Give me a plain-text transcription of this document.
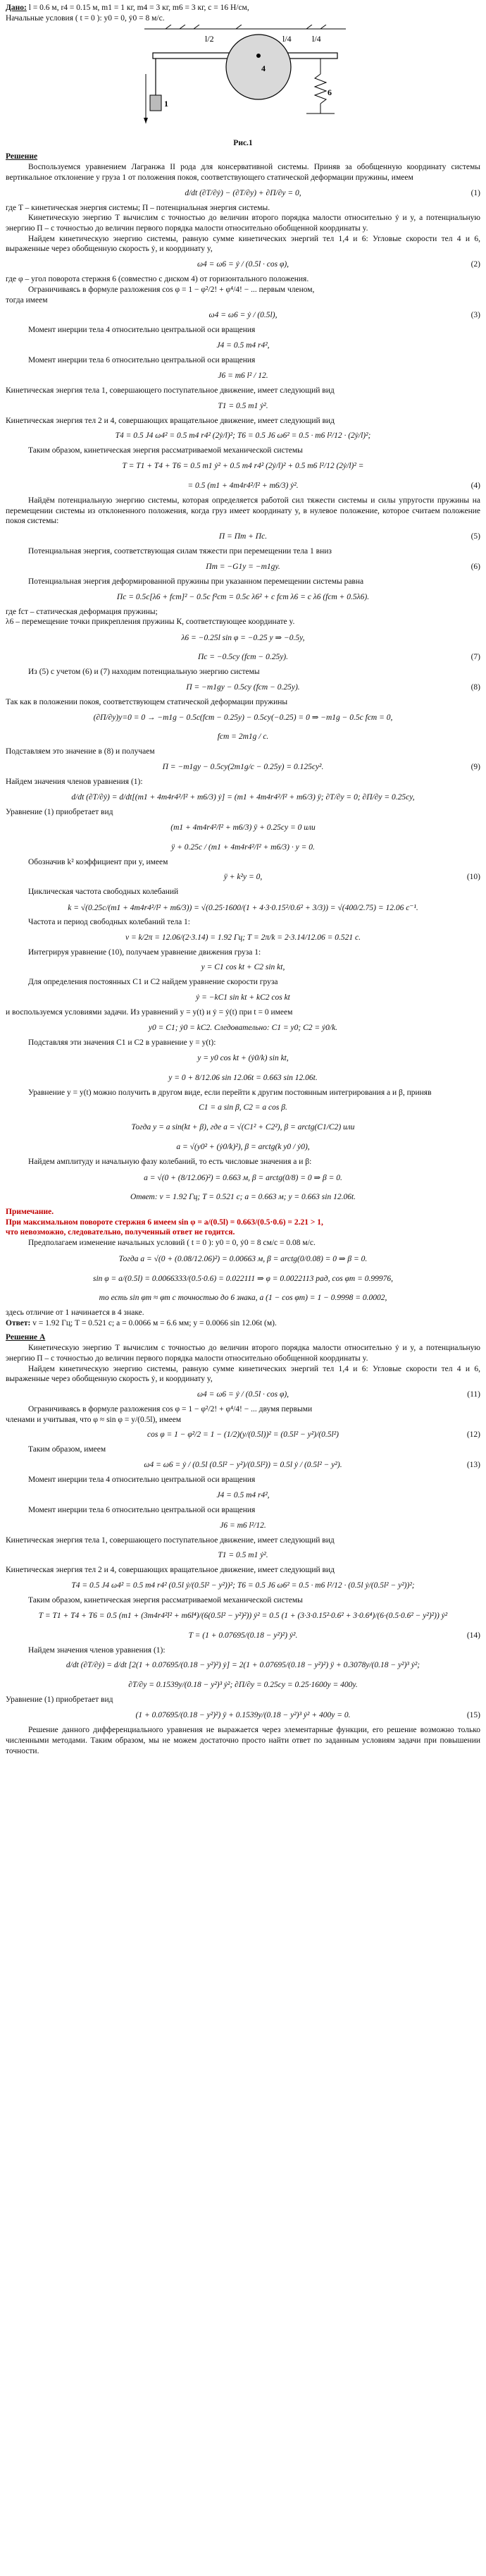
Дано: l = 0.6 м, r4 = 0.15 м, m1 = 1 кг, m4 = 3 кг, m6 = 3 кг, c = 16 Н/см,
Начальные условия ( t = 0 ): y0 = 0, ẏ0 = 8 м/с.
l/2	l/4 l/4
1
4
6
Рис.1
Решение
Воспользуемся уравнением Лагранжа II рода для консервативной системы. Приняв за обобщенную координату системы вертикальное отклонение y груза 1 от положения покоя, соответствующего статической деформации пружины, имеем
d/dt (∂T/∂ẏ) − (∂T/∂y) + ∂Π/∂y = 0,	(1)
где T – кинетическая энергия системы; Π – потенциальная энергия системы.
Кинетическую энергию T вычислим с точностью до величин второго порядка малости относительно ẏ и y, а потенциальную энергию Π – с точностью до величин первого порядка малости относительно обобщенной координаты y.
Найдем кинетическую энергию системы, равную сумме кинетических энергий тел 1,4 и 6: Угловые скорости тел 4 и 6, выраженные через обобщенную скорость ẏ, и координату y,
ω4 = ω6 = ẏ / (0.5l · cos φ),	(2)
где φ – угол поворота стержня 6 (совместно с диском 4) от горизонтального положения.
Ограничиваясь в формуле разложения cos φ = 1 − φ²/2! + φ⁴/4! − ... первым членом,
тогда имеем
ω4 = ω6 = ẏ / (0.5l),	(3)
Момент инерции тела 4 относительно центральной оси вращения
J4 = 0.5 m4 r4²,
Момент инерции тела 6 относительно центральной оси вращения
J6 = m6 l² / 12.
Кинетическая энергия тела 1, совершающего поступательное движение, имеет следующий вид
T1 = 0.5 m1 ẏ².
Кинетическая энергия тел 2 и 4, совершающих вращательное движение, имеет следующий вид
T4 = 0.5 J4 ω4² = 0.5 m4 r4² (2ẏ/l)²; T6 = 0.5 J6 ω6² = 0.5 · m6 l²/12 · (2ẏ/l)²;
Таким образом, кинетическая энергия рассматриваемой механической системы
T = T1 + T4 + T6 = 0.5 m1 ẏ² + 0.5 m4 r4² (2ẏ/l)² + 0.5 m6 l²/12 (2ẏ/l)² =
= 0.5 (m1 + 4m4r4²/l² + m6/3) ẏ².	(4)
Найдём потенциальную энергию системы, которая определяется работой сил тяжести системы и силы упругости пружины на перемещении системы из отклоненного положения, когда груз имеет координату y, в нулевое положение, которое считаем положение покоя системы:
Π = Πm + Πc.	(5)
Потенциальная энергия, соответствующая силам тяжести при перемещении тела 1 вниз
Πm = −G1y = −m1gy.	(6)
Потенциальная энергия деформированной пружины при указанном перемещении системы равна
Πc = 0.5c[λ6 + fст]² − 0.5c f²ст = 0.5c λ6² + c fст λ6 = c λ6 (fст + 0.5λ6).
где fст – статическая деформация пружины;
λ6 – перемещение точки прикрепления пружины К, соответствующее координате y.
λ6 = −0.25l sin φ = −0.25 y ⇒ −0.5y,
Πc = −0.5cy (fст − 0.25y).	(7)
Из (5) с учетом (6) и (7) находим потенциальную энергию системы
Π = −m1gy − 0.5cy (fст − 0.25y).	(8)
Так как в положении покоя, соответствующем статической деформации пружины
(∂Π/∂y)у=0 = 0 → −m1g − 0.5c(fст − 0.25y) − 0.5cy(−0.25) = 0 ⇒ −m1g − 0.5c fст = 0,
fст = 2m1g / c.
Подставляем это значение в (8) и получаем
Π = −m1gy − 0.5cy(2m1g/c − 0.25y) = 0.125cy².	(9)
Найдем значения членов уравнения (1):
d/dt (∂T/∂ẏ) = d/dt[(m1 + 4m4r4²/l² + m6/3) ẏ] = (m1 + 4m4r4²/l² + m6/3) ÿ; ∂T/∂y = 0; ∂Π/∂y = 0.25cy,
Уравнение (1) приобретает вид
(m1 + 4m4r4²/l² + m6/3) ÿ + 0.25cy = 0 или
ÿ + 0.25c / (m1 + 4m4r4²/l² + m6/3) · y = 0.
Обозначив k² коэффициент при y, имеем
ÿ + k²y = 0,	(10)
Циклическая частота свободных колебаний
k = √(0.25c/(m1 + 4m4r4²/l² + m6/3)) = √(0.25·1600/(1 + 4·3·0.15²/0.6² + 3/3)) = √(400/2.75) = 12.06 с⁻¹.
Частота и период свободных колебаний тела 1:
v = k/2π = 12.06/(2·3.14) = 1.92 Гц; T = 2π/k = 2·3.14/12.06 = 0.521 с.
Интегрируя уравнение (10), получаем уравнение движения груза 1:
y = C1 cos kt + C2 sin kt,
Для определения постоянных C1 и C2 найдем уравнение скорости груза
ẏ = −kC1 sin kt + kC2 cos kt
и воспользуемся условиями задачи. Из уравнений y = y(t) и ẏ = ẏ(t) при t = 0 имеем
y0 = C1; ẏ0 = kC2. Следовательно: C1 = y0; C2 = ẏ0/k.
Подставляя эти значения C1 и C2 в уравнение y = y(t):
y = y0 cos kt + (ẏ0/k) sin kt,
y = 0 + 8/12.06 sin 12.06t = 0.663 sin 12.06t.
Уравнение y = y(t) можно получить в другом виде, если перейти к другим постоянным интегрирования a и β, приняв
C1 = a sin β, C2 = a cos β.
Тогда y = a sin(kt + β), где a = √(C1² + C2²), β = arctg(C1/C2) или
a = √(y0² + (ẏ0/k)²), β = arctg(k y0 / ẏ0),
Найдем амплитуду и начальную фазу колебаний, то есть числовые значения a и β:
a = √(0 + (8/12.06)²) = 0.663 м, β = arctg(0/8) = 0 ⇒ β = 0.
Ответ: v = 1.92 Гц; T = 0.521 с; a = 0.663 м; y = 0.663 sin 12.06t.
Примечание.
При максимальном повороте стержня 6 имеем sin φ = a/(0.5l) = 0.663/(0.5·0.6) = 2.21 > 1,
что невозможно, следовательно, полученный ответ не годится.
Предполагаем изменение начальных условий ( t = 0 ): y0 = 0, ẏ0 = 8 см/с = 0.08 м/с.
Тогда a = √(0 + (0.08/12.06)²) = 0.00663 м, β = arctg(0/0.08) = 0 ⇒ β = 0.
sin φ = a/(0.5l) = 0.0066333/(0.5·0.6) = 0.022111 ⇒ φ = 0.0022113 рад, cos φm = 0.99976,
то есть sin φm ≈ φm с точностью до 6 знака, a (1 − cos φm) = 1 − 0.9998 = 0.0002,
здесь отличие от 1 начинается в 4 знаке.
Ответ: v = 1.92 Гц; T = 0.521 с; a = 0.0066 м = 6.6 мм; y = 0.0066 sin 12.06t (м).
Решение А
Кинетическую энергию T вычислим с точностью до величин второго порядка малости относительно ẏ и y, а потенциальную энергию Π – с точностью до величин первого порядка малости относительно обобщенной координаты y.
Найдем кинетическую энергию системы, равную сумме кинетических энергий тел 1,4 и 6: Угловые скорости тел 4 и 6, выраженные через обобщенную скорость ẏ, и координату y,
ω4 = ω6 = ẏ / (0.5l · cos φ),	(11)
Ограничиваясь в формуле разложения cos φ = 1 − φ²/2! + φ⁴/4! − ... двумя первыми
членами и учитывая, что φ ≈ sin φ = y/(0.5l), имеем
cos φ = 1 − φ²/2 = 1 − (1/2)(y/(0.5l))² = (0.5l² − y²)/(0.5l²)	(12)
Таким образом, имеем
ω4 = ω6 = ẏ / (0.5l (0.5l² − y²)/(0.5l²)) = 0.5l ẏ / (0.5l² − y²).	(13)
Момент инерции тела 4 относительно центральной оси вращения
J4 = 0.5 m4 r4²,
Момент инерции тела 6 относительно центральной оси вращения
J6 = m6 l²/12.
Кинетическая энергия тела 1, совершающего поступательное движение, имеет следующий вид
T1 = 0.5 m1 ẏ².
Кинетическая энергия тел 2 и 4, совершающих вращательное движение, имеет следующий вид
T4 = 0.5 J4 ω4² = 0.5 m4 r4² (0.5l ẏ/(0.5l² − y²))²; T6 = 0.5 J6 ω6² = 0.5 · m6 l²/12 · (0.5l ẏ/(0.5l² − y²))²;
Таким образом, кинетическая энергия рассматриваемой механической системы
T = T1 + T4 + T6 = 0.5 (m1 + (3m4r4²l² + m6l⁴)/(6(0.5l² − y²)²)) ẏ² = 0.5 (1 + (3·3·0.15²·0.6² + 3·0.6⁴)/(6·(0.5·0.6² − y²)²)) ẏ²
T = (1 + 0.07695/(0.18 − y²)²) ẏ².	(14)
Найдем значения членов уравнения (1):
d/dt (∂T/∂ẏ) = d/dt [2(1 + 0.07695/(0.18 − y²)²) ẏ] = 2(1 + 0.07695/(0.18 − y²)²) ÿ + 0.3078y/(0.18 − y²)³ ẏ²;
∂T/∂y = 0.1539y/(0.18 − y²)³ ẏ²; ∂Π/∂y = 0.25cy = 0.25·1600y = 400y.
Уравнение (1) приобретает вид
(1 + 0.07695/(0.18 − y²)²) ÿ + 0.1539y/(0.18 − y²)³ ẏ² + 400y = 0.	(15)
Решение данного дифференциального уравнения не выражается через элементарные функции, его решение возможно только численными методами. Таким образом, мы не можем достаточно просто найти ответ по заданным условиям задачи при повышении точности.
